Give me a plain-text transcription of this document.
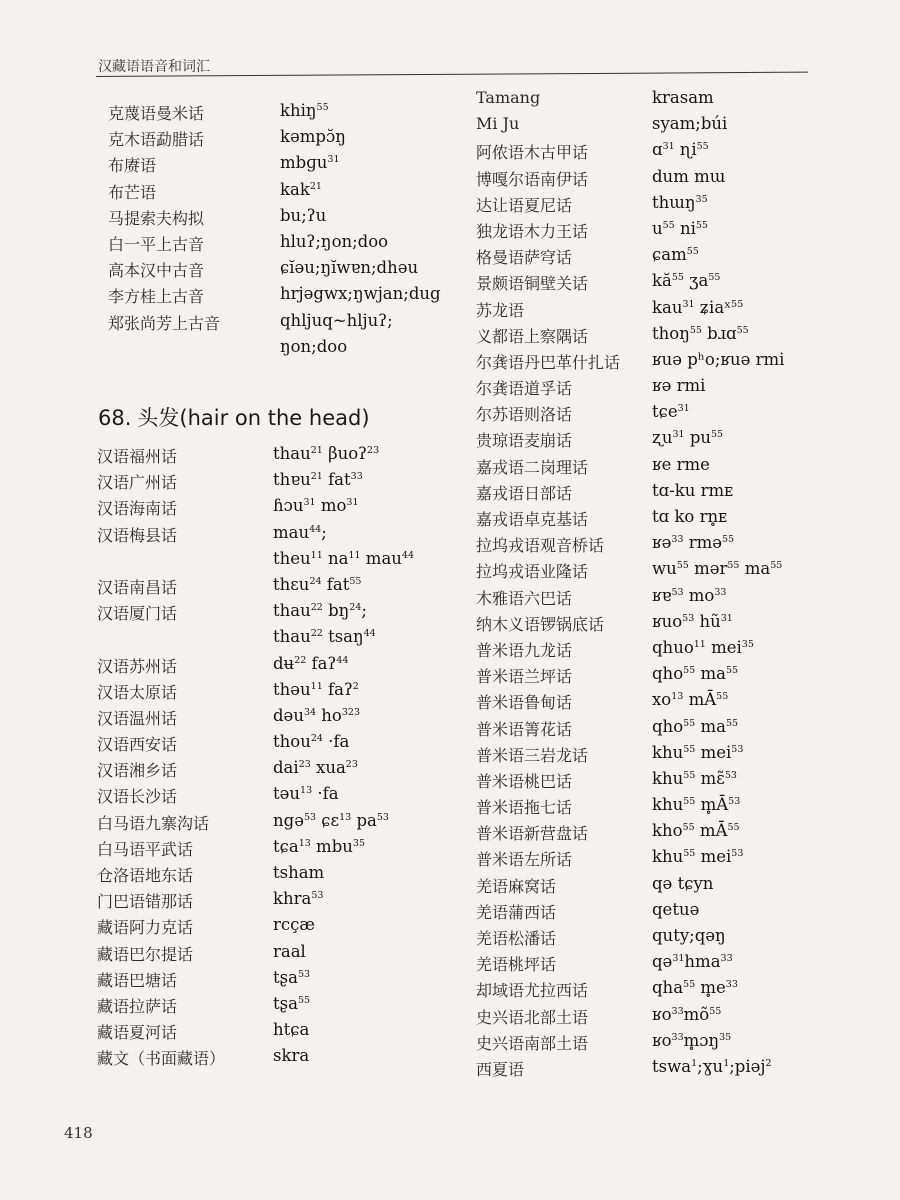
汉藏语语音和词汇
克蔑语曼米话	khiŋ$^{55}$
克木语勐腊话	kəmpɔ̆ŋ
布赓语	mbɡu$^{31}$
布芒语	kak$^{21}$
马提索夫构拟	bu;ʔu
白一平上古音	hluʔ;ŋon;doo
高本汉中古音	ɕĭəu;ŋĭwɐn;dhəu
李方桂上古音	hrjəgwx;ŋwjan;dug
郑张尚芳上古音	qhljuq~hljuʔ;
ŋon;doo
68. 头发(hair on the head)
汉语福州话	thau$^{21}$ βuoʔ$^{23}$
汉语广州话	thɐu$^{21}$ fat$^{33}$
汉语海南话	ɦɔu$^{31}$ $mo^{31}$
汉语梅县话	mau$^{44}$;
theu$^{11}$ $na^{11}$ mau$^{44}$
汉语南昌话	thɛu$^{24}$ fat$^{55}$
汉语厦门话	thau$^{22}$ $bŋ^{24}$;
thau$^{22}$ tsaŋ$^{44}$
汉语苏州话	dʉ$^{22}$ faʔ$^{44}$
汉语太原话	thəu$^{11}$ faʔ$^2$
汉语温州话	dəu$^{34}$ $ho^{323}$
汉语西安话	thou$^{24}$ ·fa
汉语湘乡话	dai$^{23}$ xua$^{23}$
汉语长沙话	təu$^{13}$ ·fa
白马语九寨沟话	ngə$^{53}$ ɕɛ$^{13}$ $pa^{53}$
白马语平武话	tɕa$^{13}$ mbu$^{35}$
仓洛语地东话	tsham
门巴语错那话	khra$^{53}$
藏语阿力克话	rcçæ
藏语巴尔提话	raal
藏语巴塘话	tʂa$^{53}$
藏语拉萨话	tʂa$^{55}$
藏语夏河话	htɕa
藏文（书面藏语）	skra
Tamang	krasam
Mi Ju	syam;búi
阿侬语木古甲话	ɑ$^{31}$ ɳi$^{55}$
博嘎尔语南伊话	dum mɯ
达让语夏尼话	thɯŋ$^{35}$
独龙语木力王话	$u^{55}$ $ni^{55}$
格曼语萨穹话	ɕam$^{55}$
景颇语铜壁关话	$kă^{55}$ ʒa$^{55}$
苏龙语	kau$^{31}$ ʑiaˣ$^{55}$
义都语上察隅话	thoŋ$^{55}$ bɹɑ$^{55}$
尔龚语丹巴革什扎话 ʁuə pʰo;ʁuə rmi
尔龚语道孚话	ʁə rmi
尔苏语则洛话	tɕe$^{31}$
贵琼语麦崩话	ʐu$^{31}$ $pu^{55}$
嘉戎语二岗理话	ʁe rme
嘉戎语日部话	tɑ-ku rmᴇ
嘉戎语卓克基话	tɑ ko rn̥ᴇ
拉坞戎语观音桥话	ʁə$^{33}$ rmə$^{55}$
拉坞戎语业隆话	$wu^{55}$ mər$^{55}$ $ma^{55}$
木雅语六巴话	ʁɐ$^{53}$ $mo^{33}$
纳木义语锣锅底话	ʁuo$^{53}$ $hũ^{31}$
普米语九龙话	qhuo$^{11}$ mei$^{35}$
普米语兰坪话	qho$^{55}$ $ma^{55}$
普米语鲁甸话	$xo^{13}$ $mĀ^{55}$
普米语箐花话	qho$^{55}$ $ma^{55}$
普米语三岩龙话	khu$^{55}$ mei$^{53}$
普米语桃巴话	khu$^{55}$ mɛ̃$^{53}$
普米语拖七话	khu$^{55}$ $m̥Ā^{53}$
普米语新营盘话	kho$^{55}$ $mĀ^{55}$
普米语左所话	khu$^{55}$ mei$^{53}$
羌语麻窝话	qə tɕyn
羌语蒲西话	qetuə
羌语松潘话	quty;qəŋ
羌语桃坪话	qə$^{31}$hma$^{33}$
却域语尤拉西话	qha$^{55}$ $m̥e^{33}$
史兴语北部土语	$ʁo^{33}mõ^{55}$
史兴语南部土语	ʁo$^{33}$m̥ɔŋ$^{35}$
西夏语	tswa$^1$;ɣu$^1$;piəj$^2$
418
